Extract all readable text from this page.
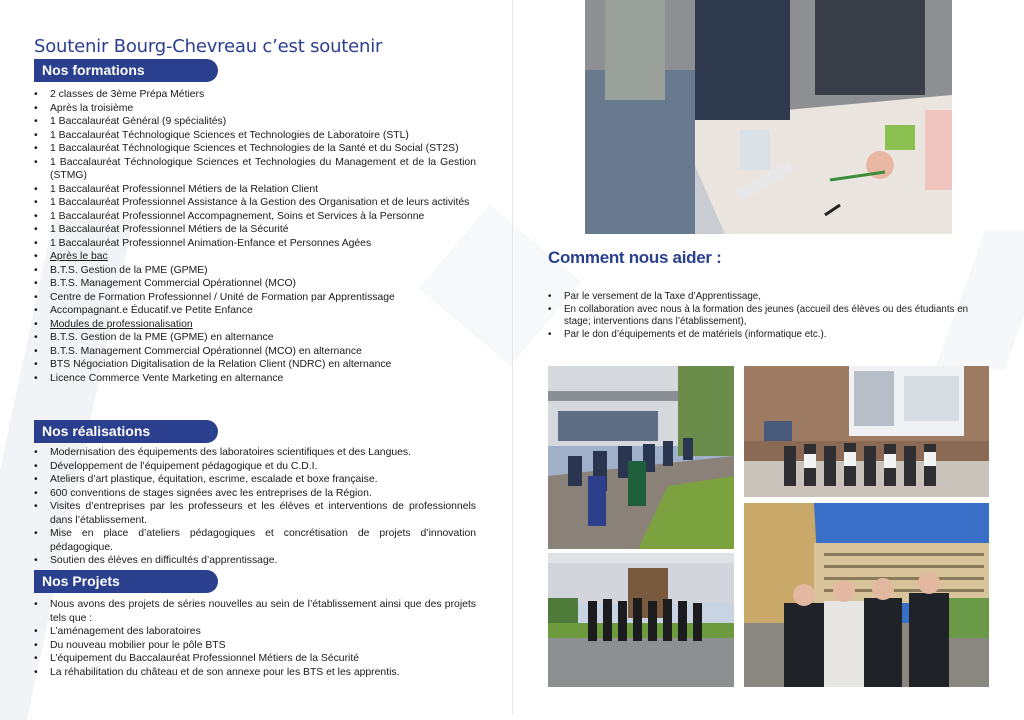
Soutenir Bourg-Chevreau c’est soutenir
Nos formations
• 2 classes de 3ème Prépa Métiers
• Après la troisième
• 1 Baccalauréat Général (9 spécialités)
• 1 Baccalauréat Téchnologique Sciences et Technologies de Laboratoire (STL)
• 1 Baccalauréat Téchnologique Sciences et Technologies de la Santé et du Social (ST2S)
• 1 Baccalauréat Téchnologique Sciences et Technologies du Management et de la Gestion (STMG)
• 1 Baccalauréat Professionnel Métiers de la Relation Client
• 1 Baccalauréat Professionnel Assistance à la Gestion des Organisation et de leurs activités
• 1 Baccalauréat Professionnel Accompagnement, Soins et Services à la Personne
• 1 Baccalauréat Professionnel Métiers de la Sécurité
• 1 Baccalauréat Professionnel Animation-Enfance et Personnes Agées
• Après le bac
• B.T.S. Gestion de la PME (GPME)
• B.T.S. Management Commercial Opérationnel (MCO)
• Centre de Formation Professionnel / Unité de Formation par Apprentissage
• Accompagnant.e Éducatif.ve Petite Enfance
• Modules de professionalisation
• B.T.S. Gestion de la PME (GPME) en alternance
• B.T.S. Management Commercial Opérationnel (MCO) en alternance
• BTS Négociation Digitalisation de la Relation Client (NDRC) en alternance
• Licence Commerce Vente Marketing en alternance
Nos réalisations
• Modernisation des équipements des laboratoires scientifiques et des Langues.
• Développement de l’équipement pédagogique et du C.D.I.
• Ateliers d’art plastique, équitation, escrime, escalade et boxe française.
• 600 conventions de stages signées avec les entreprises de la Région.
• Visites d’entreprises par les professeurs et les élèves et interventions de professionnels dans l’établissement.
• Mise en place d’ateliers pédagogiques et concrétisation de projets d’innovation pédagogique.
• Soutien des élèves en difficultés d’apprentissage.
Nos Projets
• Nous avons des projets de séries nouvelles au sein de l’établissement ainsi que des projets tels que :
• L’aménagement des laboratoires
• Du nouveau mobilier pour le pôle BTS
• L’équipement du Baccalauréat Professionnel Métiers de la Sécurité
• La réhabilitation du château et de son annexe pour les BTS et les apprentis.
Comment nous aider :
• Par le versement de la Taxe d’Apprentissage,
• En collaboration avec nous à la formation des jeunes (accueil des élèves ou des étudiants en stage; interventions dans l’établissement),
• Par le don d’équipements et de matériels (informatique etc.).
